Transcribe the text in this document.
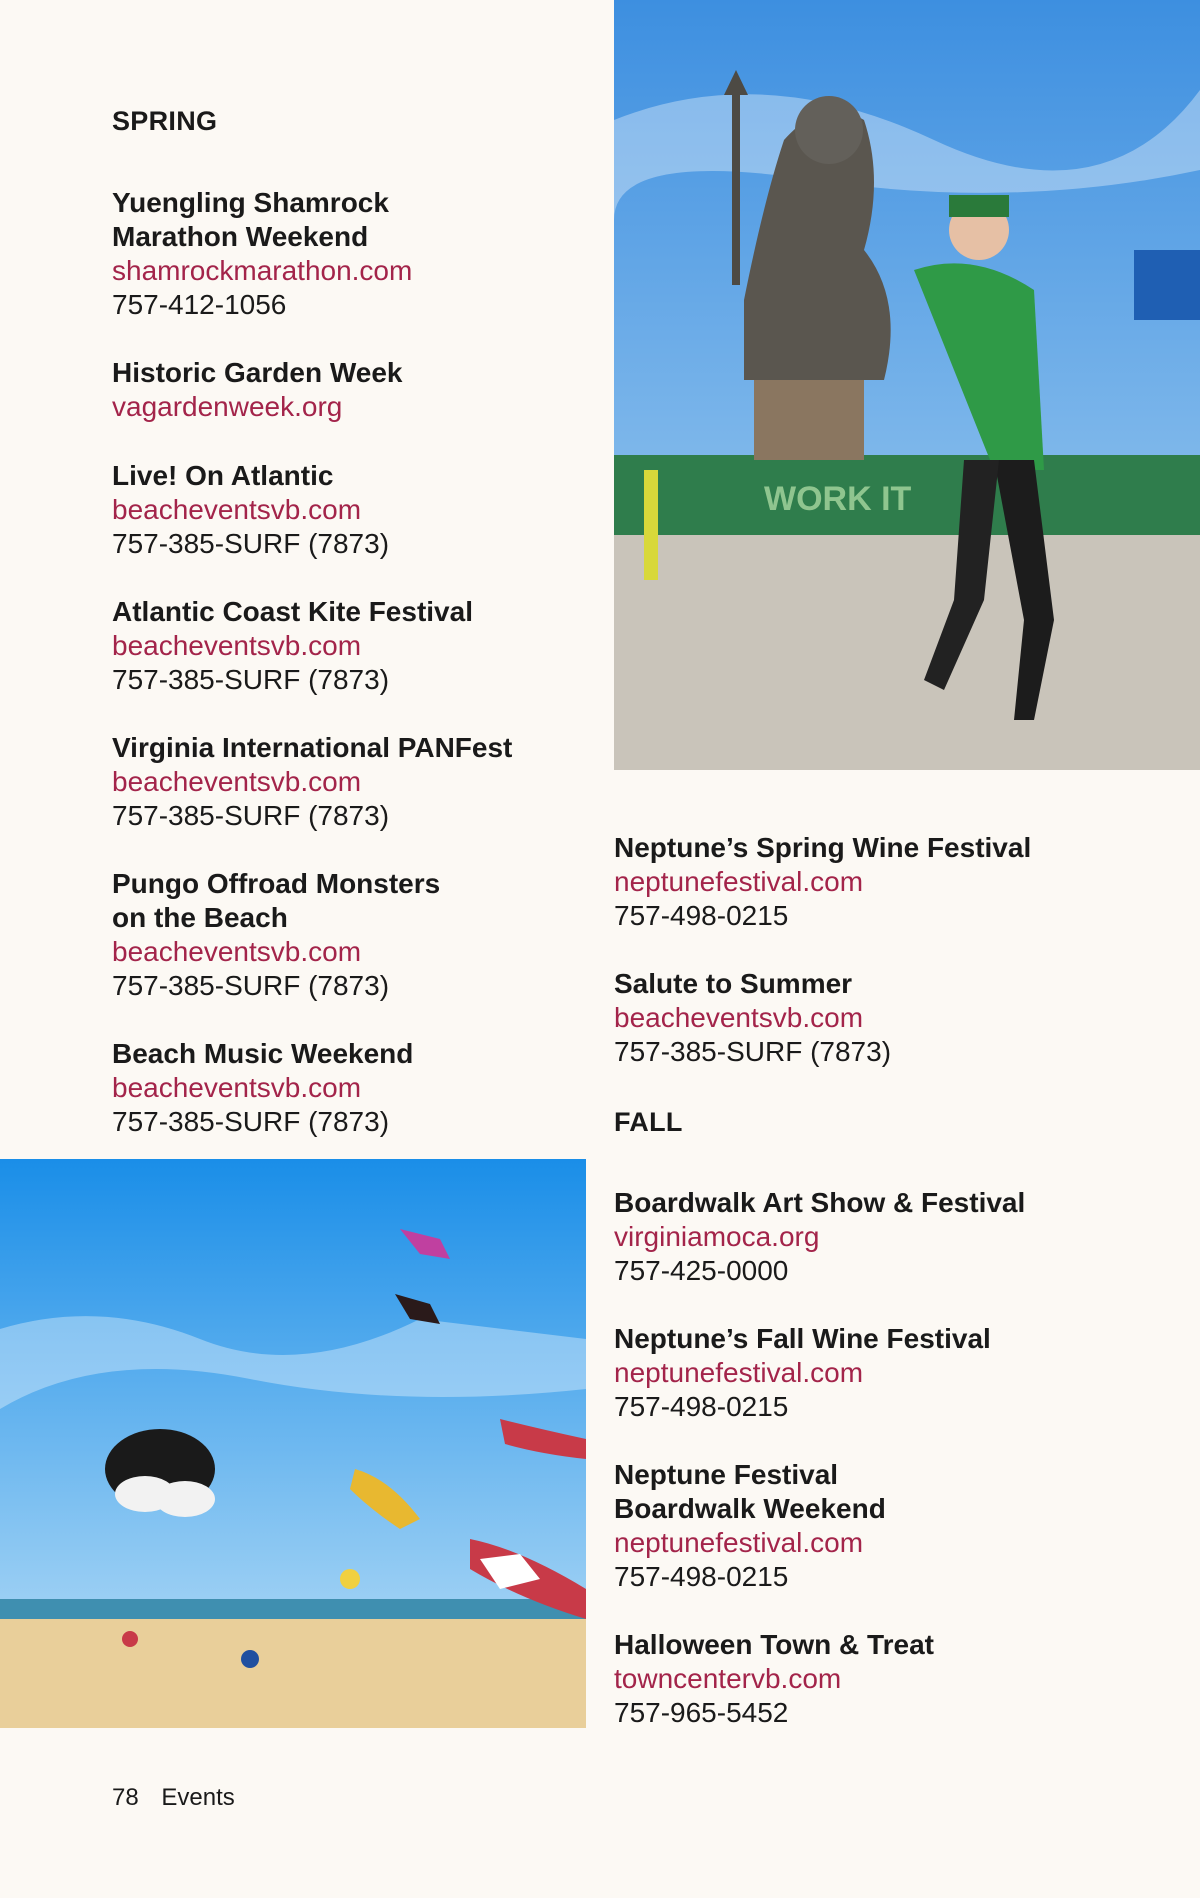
SPRING
Yuengling Shamrock
Marathon Weekend
shamrockmarathon.com
757-412-1056
Historic Garden Week
vagardenweek.org
Live! On Atlantic
beacheventsvb.com
757-385-SURF (7873)
Atlantic Coast Kite Festival
beacheventsvb.com
757-385-SURF (7873)
Virginia International PANFest
beacheventsvb.com
757-385-SURF (7873)
Pungo Offroad Monsters
on the Beach
beacheventsvb.com
757-385-SURF (7873)
Beach Music Weekend
beacheventsvb.com
757-385-SURF (7873)
WORK IT
Neptune’s Spring Wine Festival
neptunefestival.com
757-498-0215
Salute to Summer
beacheventsvb.com
757-385-SURF (7873)
FALL
Boardwalk Art Show & Festival
virginiamoca.org
757-425-0000
Neptune’s Fall Wine Festival
neptunefestival.com
757-498-0215
Neptune Festival
Boardwalk Weekend
neptunefestival.com
757-498-0215
Halloween Town & Treat
towncentervb.com
757-965-5452
78 Events
